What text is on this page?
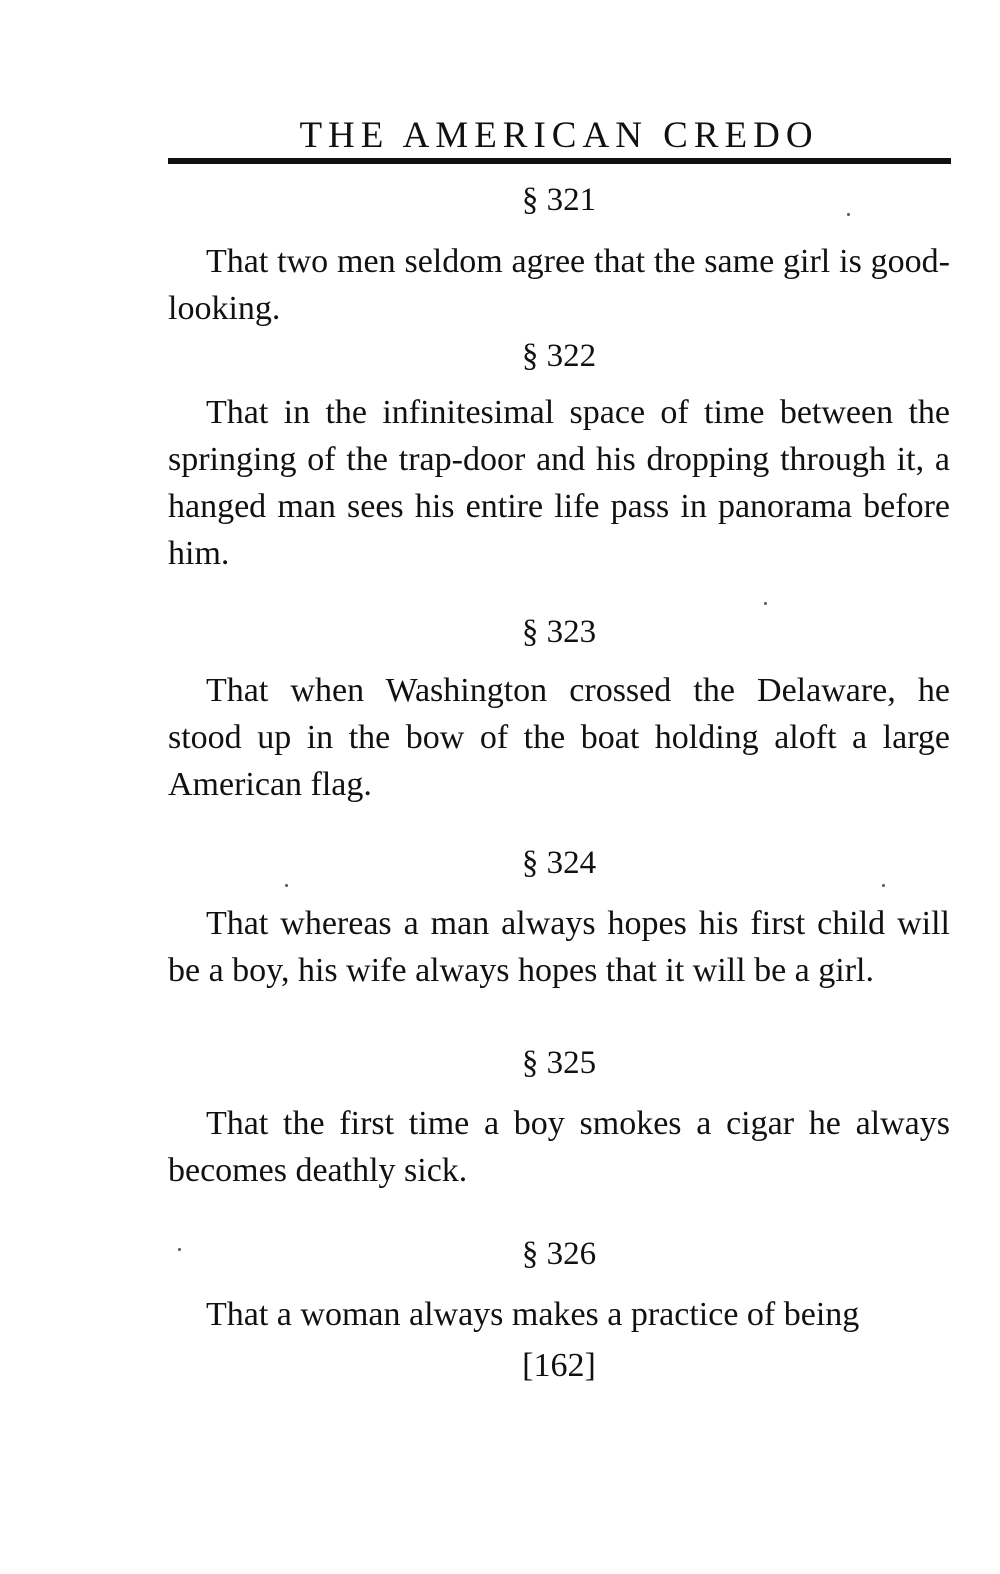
THE AMERICAN CREDO
§ 321

That two men seldom agree that the same girl is good-looking.

§ 322

That in the infinitesimal space of time between the springing of the trap-door and his dropping through it, a hanged man sees his entire life pass in panorama before him.

§ 323

That when Washington crossed the Delaware, he stood up in the bow of the boat holding aloft a large American flag.

§ 324

That whereas a man always hopes his first child will be a boy, his wife always hopes that it will be a girl.

§ 325

That the first time a boy smokes a cigar he always becomes deathly sick.

§ 326

That a woman always makes a practice of being

[162]
